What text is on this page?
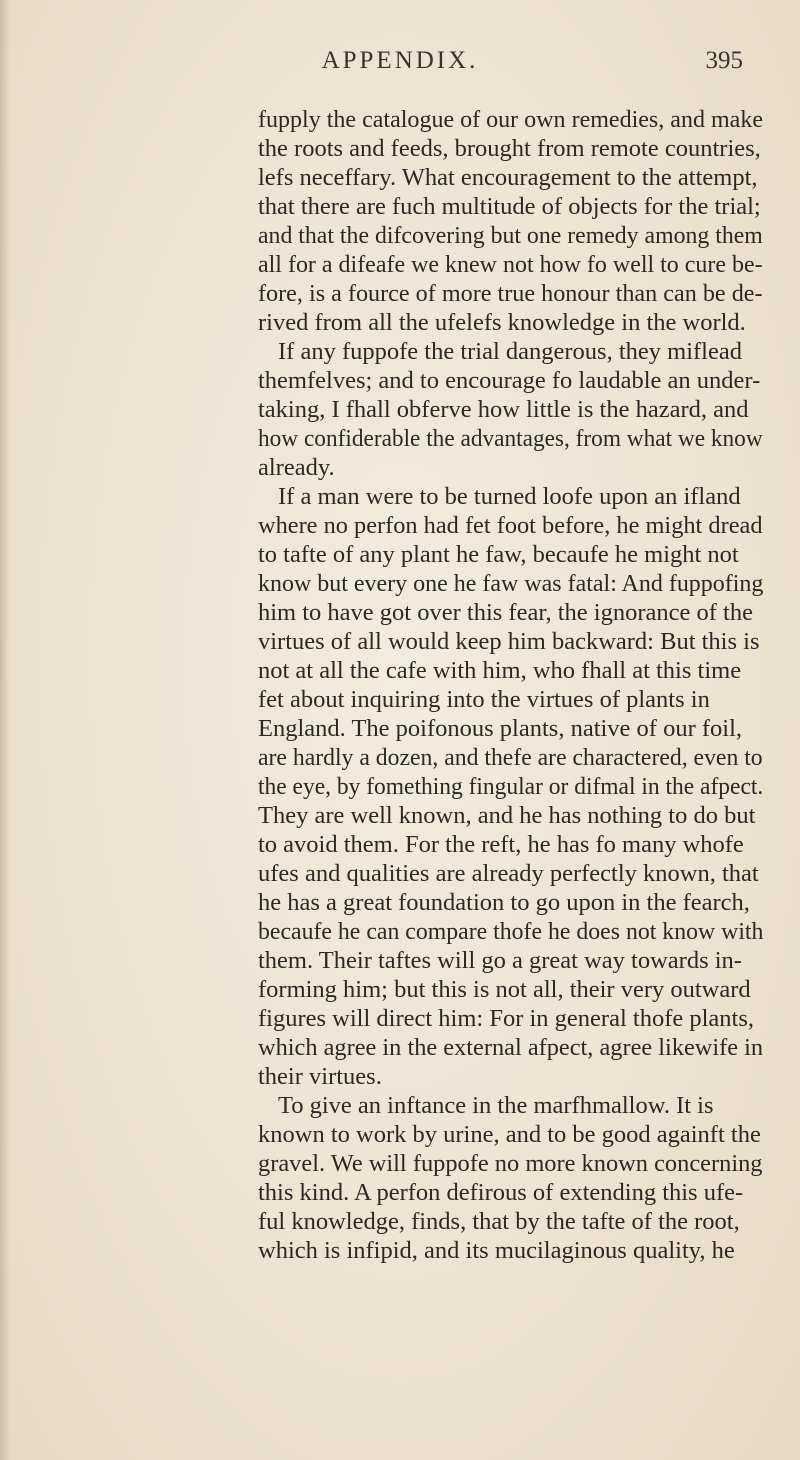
APPENDIX.	395
fupply the catalogue of our own remedies, and make
the roots and feeds, brought from remote countries,
lefs neceffary. What encouragement to the attempt,
that there are fuch multitude of objects for the trial;
and that the difcovering but one remedy among them
all for a difeafe we knew not how fo well to cure be-
fore, is a fource of more true honour than can be de-
rived from all the ufelefs knowledge in the world.
If any fuppofe the trial dangerous, they miflead
themfelves; and to encourage fo laudable an under-
taking, I fhall obferve how little is the hazard, and
how confiderable the advantages, from what we know
already.
If a man were to be turned loofe upon an ifland
where no perfon had fet foot before, he might dread
to tafte of any plant he faw, becaufe he might not
know but every one he faw was fatal: And fuppofing
him to have got over this fear, the ignorance of the
virtues of all would keep him backward: But this is
not at all the cafe with him, who fhall at this time
fet about inquiring into the virtues of plants in
England. The poifonous plants, native of our foil,
are hardly a dozen, and thefe are charactered, even to
the eye, by fomething fingular or difmal in the afpect.
They are well known, and he has nothing to do but
to avoid them. For the reft, he has fo many whofe
ufes and qualities are already perfectly known, that
he has a great foundation to go upon in the fearch,
becaufe he can compare thofe he does not know with
them. Their taftes will go a great way towards in-
forming him; but this is not all, their very outward
figures will direct him: For in general thofe plants,
which agree in the external afpect, agree likewife in
their virtues.
To give an inftance in the marfhmallow. It is
known to work by urine, and to be good againft the
gravel. We will fuppofe no more known concerning
this kind. A perfon defirous of extending this ufe-
ful knowledge, finds, that by the tafte of the root,
which is infipid, and its mucilaginous quality, he
